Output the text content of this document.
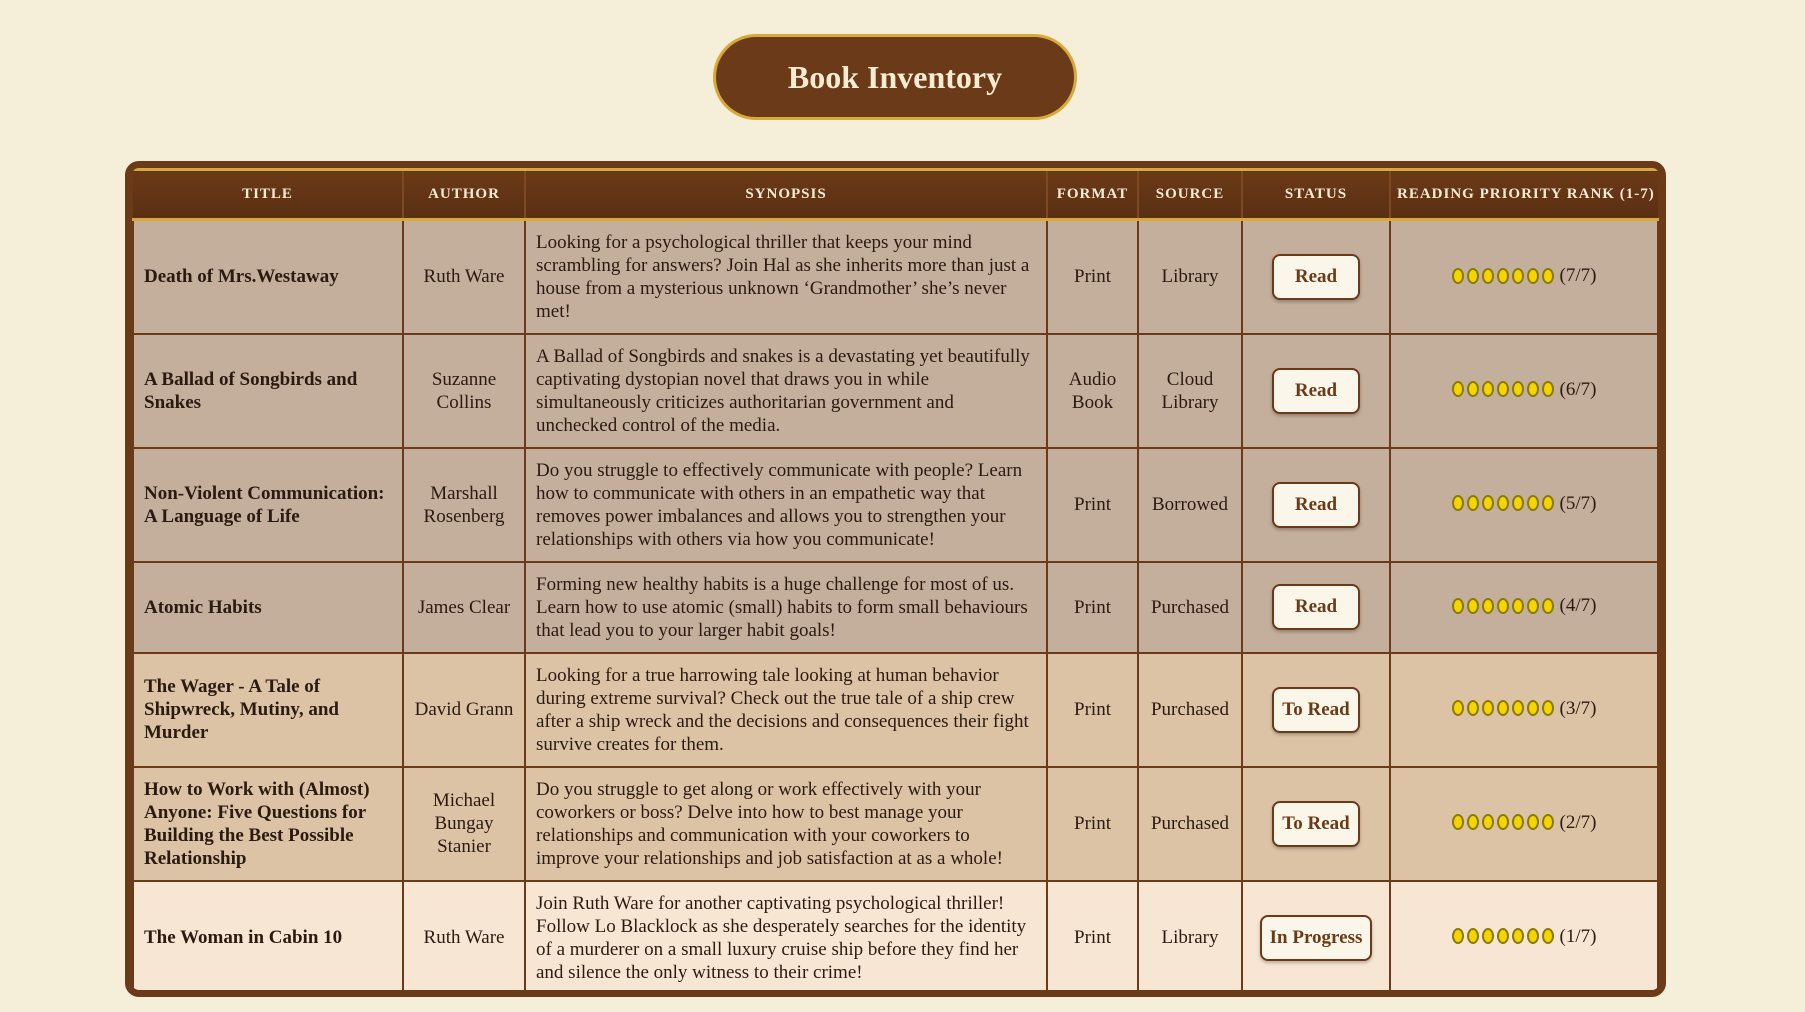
Book Inventory
TITLE	AUTHOR	SYNOPSIS	FORMAT	SOURCE	STATUS	READING PRIORITY RANK (1-7)
Death of Mrs.Westaway	Ruth Ware	Looking for a psychological thriller that keeps your mind scrambling for answers? Join Hal as she inherits more than just a house from a mysterious unknown ‘Grandmother’ she’s never met!	Print	Library	Read	(7/7)

A Ballad of Songbirds and Snakes	Suzanne Collins	A Ballad of Songbirds and snakes is a devastating yet beautifully captivating dystopian novel that draws you in while simultaneously criticizes authoritarian government and unchecked control of the media.	Audio Book	Cloud Library	Read	(6/7)

Non-Violent Communication: A Language of Life	Marshall Rosenberg	Do you struggle to effectively communicate with people? Learn how to communicate with others in an empathetic way that removes power imbalances and allows you to strengthen your relationships with others via how you communicate!	Print	Borrowed	Read	(5/7)

Atomic Habits	James Clear	Forming new healthy habits is a huge challenge for most of us. Learn how to use atomic (small) habits to form small behaviours that lead you to your larger habit goals!	Print	Purchased	Read	(4/7)

The Wager - A Tale of Shipwreck, Mutiny, and Murder	David Grann	Looking for a true harrowing tale looking at human behavior during extreme survival? Check out the true tale of a ship crew after a ship wreck and the decisions and consequences their fight survive creates for them.	Print	Purchased	To Read	(3/7)

How to Work with (Almost) Anyone: Five Questions for Building the Best Possible Relationship	Michael Bungay Stanier	Do you struggle to get along or work effectively with your coworkers or boss? Delve into how to best manage your relationships and communication with your coworkers to improve your relationships and job satisfaction at as a whole!	Print	Purchased	To Read	(2/7)

The Woman in Cabin 10	Ruth Ware	Join Ruth Ware for another captivating psychological thriller! Follow Lo Blacklock as she desperately searches for the identity of a murderer on a small luxury cruise ship before they find her and silence the only witness to their crime!	Print	Library	In Progress	(1/7)
